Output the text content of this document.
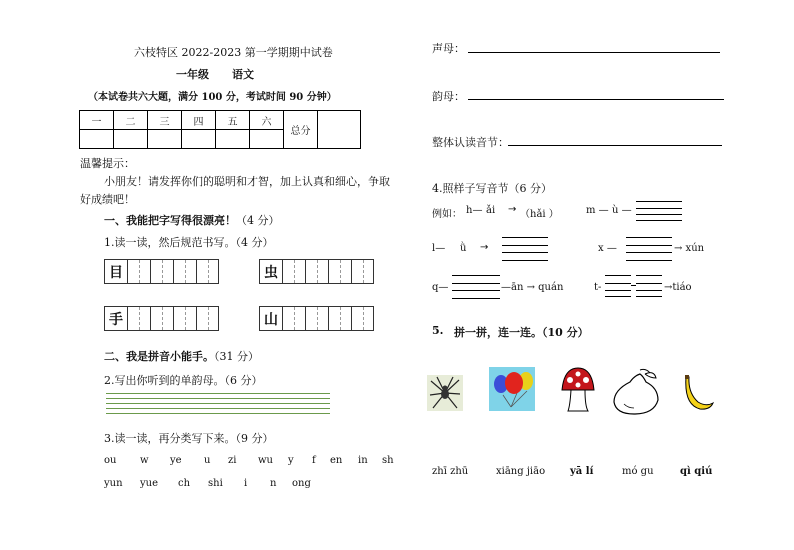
六枝特区 2022-2023 第一学期期中试卷
一年级 语文
（本试卷共六大题，满分 100 分，考试时间 90 分钟）
一	二	三	四	五	六	总分	

温馨提示：
小朋友！请发挥你们的聪明和才智，加上认真和细心，争取
好成绩吧！
一、我能把字写得很漂亮！（4 分）
1.读一读，然后规范书写。（4 分）
目	虫
手	山
二、我是拼音小能手。（31 分）
2.写出你听到的单韵母。（6 分）
3.读一读，再分类写下来。（9 分）
ou w ye u zi wu y f en in sh
yun yue ch shi i n ong
声母：
韵母：
整体认读音节：
4.照样子写音节（6 分）
例如： h— ǎi → （hǎi ）	m — ù —
l— ǜ →	x —	→ xún
q—	—ān → quán	t-	→tiáo
5. 拼一拼，连一连。（10 分）
zhī zhū	xiāng jiāo yā lí	mó gu	qì qiú
